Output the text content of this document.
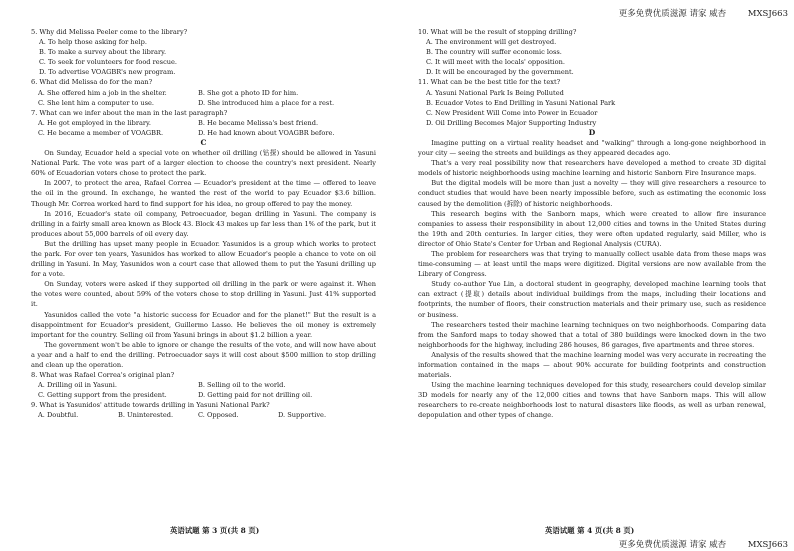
更多免费优质滋源 请家 威杏	MXSJ663
更多免费优质滋源 请家 威杏	MXSJ663
5. Why did Melissa Peeler come to the library?
A. To help those asking for help.
B. To make a survey about the library.
C. To seek for volunteers for food rescue.
D. To advertise VOAGBR's new program.
6. What did Melissa do for the man?
A. She offered him a job in the shelter.	B. She got a photo ID for him.
C. She lent him a computer to use.	D. She introduced him a place for a rest.
7. What can we infer about the man in the last paragraph?
A. He got employed in the library.	B. He became Melissa's best friend.
C. He became a member of VOAGBR.	D. He had known about VOAGBR before.
C

On Sunday, Ecuador held a special vote on whether oil drilling (钻探) should be allowed in Yasuni National Park. The vote was part of a larger election to choose the country's next president. Nearly 60% of Ecuadorian voters chose to protect the park.

In 2007, to protect the area, Rafael Correa — Ecuador's president at the time — offered to leave the oil in the ground. In exchange, he wanted the rest of the world to pay Ecuador $3.6 billion. Though Mr. Correa worked hard to find support for his idea, no group offered to pay the money.

In 2016, Ecuador's state oil company, Petroecuador, began drilling in Yasuni. The company is drilling in a fairly small area known as Block 43. Block 43 makes up far less than 1% of the park, but it produces about 55,000 barrels of oil every day.

But the drilling has upset many people in Ecuador. Yasunidos is a group which works to protect the park. For over ten years, Yasunidos has worked to allow Ecuador's people a chance to vote on oil drilling in Yasuni. In May, Yasunidos won a court case that allowed them to put the Yasuni drilling up for a vote.

On Sunday, voters were asked if they supported oil drilling in the park or were against it. When the votes were counted, about 59% of the voters chose to stop drilling in Yasuni. Just 41% supported it.

Yasunidos called the vote "a historic success for Ecuador and for the planet!" But the result is a disappointment for Ecuador's president, Guillermo Lasso. He believes the oil money is extremely important for the country. Selling oil from Yasuni brings in about $1.2 billion a year.

The government won't be able to ignore or change the results of the vote, and will now have about a year and a half to end the drilling. Petroecuador says it will cost about $500 million to stop drilling and clean up the operation.

8. What was Rafael Correa's original plan?
A. Drilling oil in Yasuni.	B. Selling oil to the world.
C. Getting support from the president.	D. Getting paid for not drilling oil.
9. What is Yasunidos' attitude towards drilling in Yasuni National Park?
A. Doubtful.	B. Uninterested.	C. Opposed.	D. Supportive.
英语试题 第 3 页(共 8 页)
10. What will be the result of stopping drilling?
A. The environment will get destroyed.
B. The country will suffer economic loss.
C. It will meet with the locals' opposition.
D. It will be encouraged by the government.
11. What can be the best title for the text?
A. Yasuni National Park Is Being Polluted
B. Ecuador Votes to End Drilling in Yasuni National Park
C. New President Will Come into Power in Ecuador
D. Oil Drilling Becomes Major Supporting Industry
D

Imagine putting on a virtual reality headset and "walking" through a long-gone neighborhood in your city — seeing the streets and buildings as they appeared decades ago.

That's a very real possibility now that researchers have developed a method to create 3D digital models of historic neighborhoods using machine learning and historic Sanborn Fire Insurance maps.

But the digital models will be more than just a novelty — they will give researchers a resource to conduct studies that would have been nearly impossible before, such as estimating the economic loss caused by the demolition (拆除) of historic neighborhoods.

This research begins with the Sanborn maps, which were created to allow fire insurance companies to assess their responsibility in about 12,000 cities and towns in the United States during the 19th and 20th centuries. In larger cities, they were often updated regularly, said Miller, who is director of Ohio State's Center for Urban and Regional Analysis (CURA).

The problem for researchers was that trying to manually collect usable data from these maps was time-consuming — at least until the maps were digitized. Digital versions are now available from the Library of Congress.

Study co-author Yue Lin, a doctoral student in geography, developed machine learning tools that can extract (提取) details about individual buildings from the maps, including their locations and footprints, the number of floors, their construction materials and their primary use, such as residence or business.

The researchers tested their machine learning techniques on two neighborhoods. Comparing data from the Sanford maps to today showed that a total of 380 buildings were knocked down in the two neighborhoods for the highway, including 286 houses, 86 garages, five apartments and three stores.

Analysis of the results showed that the machine learning model was very accurate in recreating the information contained in the maps — about 90% accurate for building footprints and construction materials.

Using the machine learning techniques developed for this study, researchers could develop similar 3D models for nearly any of the 12,000 cities and towns that have Sanborn maps. This will allow researchers to re-create neighborhoods lost to natural disasters like floods, as well as urban renewal, depopulation and other types of change.

英语试题 第 4 页(共 8 页)
